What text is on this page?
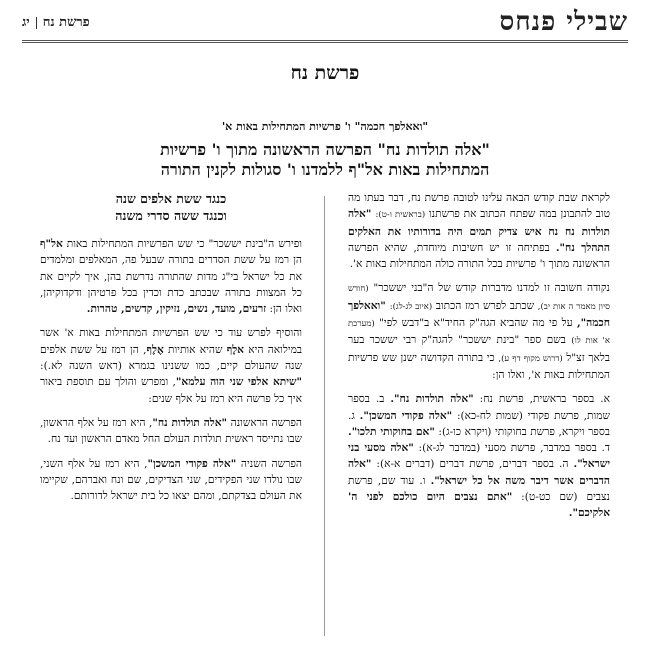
פרשת נחיג	שבילי פנחס
פרשת נח
"ואאלפך חכמה" ו' פרשיות המתחילות באות א'
"אלה תולדות נח" הפרשה הראשונה מתוך ו' פרשיות
המתחילות באות אל"ף ללמדנו ו' סגולות לקנין התורה

לקראת שבת קודש הבאה עלינו לטובה פרשת נח, דבר בעתו מה טוב להתבונן במה שפתח הכתוב את פרשתנו (בראשית ו-ט): "אלה תולדות נח נח איש צדיק תמים היה בדורותיו את האלקים התהלך נח". בפתיחה זו יש חשיבות מיוחדת, שהיא הפרשה הראשונה מתוך ו' פרשיות בכל התורה כולה המתחילות באות א'.

נקודה חשובה זו למדנו מדברות קודש של ה"בני יששכר" (חודש סיון מאמר ה אות יב), שכתב לפרש רמז הכתוב (איוב לג-לג): "ואאלפך חכמה", על פי מה שהביא הגה"ק החיד"א ב"דבש לפי" (מערכת א' אות לו) בשם ספר "בינת יששכר" להגה"ק רבי יששכר בער בלאך זצ"ל (דרוש מקוף דף ע), כי בתורה הקדושה ישנן שש פרשיות המתחילות באות א', ואלו הן:

א. בספר בראשית, פרשת נח: "אלה תולדות נח". ב. בספר שמות, פרשת פקודי (שמות לח-כא): "אלה פקודי המשכן". ג. בספר ויקרא, פרשת בחוקותי (ויקרא כו-ג): "אם בחוקותי תלכו". ד. בספר במדבר, פרשת מסעי (במדבר לג-א): "אלה מסעי בני ישראל". ה. בספר דברים, פרשת דברים (דברים א-א): "אלה הדברים אשר דיבר משה אל כל ישראל". ו. עוד שם, פרשת נצבים (שם כט-ט): "אתם נצבים היום כולכם לפני ה' אלקיכם".

כנגד ששת אלפים שנה
וכנגד ששה סדרי משנה

ופירש ה"בינת יששכר" כי שש הפרשיות המתחילות באות אל"ף הן רמז על ששת הסדרים בתורה שבעל פה, המאלפים ומלמדים את כל ישראל בי"ג מדות שהתורה נדרשת בהן, איך לקיים את כל המצוות בתורה שבכתב כדת וכדין בכל פרטיהן ודקדוקיהן, ואלו הן: זרעים, מועד, נשים, נזיקין, קדשים, טהרות.

והוסיף לפרש עוד כי שש הפרשיות המתחילות באות א' אשר במילואה היא אלֶף שהיא אותיות אֶלֶף, הן רמז על ששת אלפים שנה שהעולם קיים, כמו ששנינו בגמרא (ראש השנה לא.): "שיתא אלפי שני הוה עלמא", ומפרש והולך עם תוספת ביאור איך כל פרשה היא רמז על אלף שנים:

הפרשה הראשונה "אלה תולדות נח", היא רמז על אלף הראשון, שבו נתייסד ראשית תולדות העולם החל מאדם הראשון ועד נח.

הפרשה השניה "אלה פקודי המשכן", היא רמז על אלף השני, שבו נולדו שני הפקידים, שני הצדיקים, שם ונח ואברהם, שקיימו את העולם בצדקתם, ומהם יצאו כל בית ישראל לדורותם.
